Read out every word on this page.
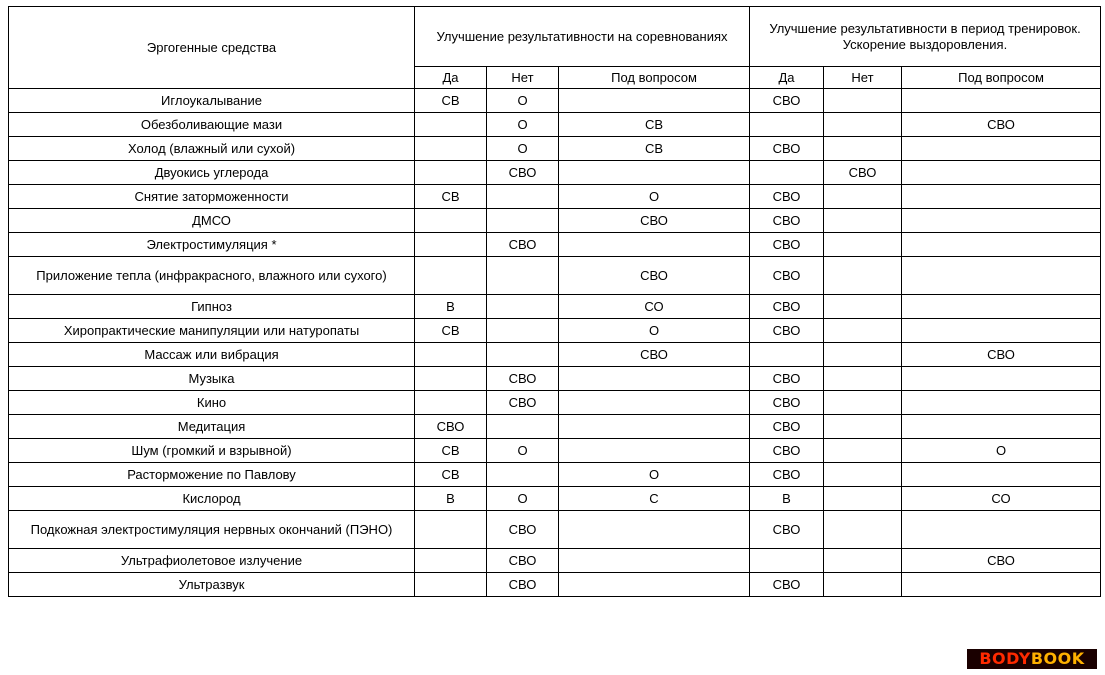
Эргогенные средства	Улучшение результативности на соревнованиях			Улучшение результативности в период тренировок. Ускорение выздоровления.		
	Да	Нет	Под вопросом	Да	Нет	Под вопросом
Иглоукалывание	СВ	О		СВО		
Обезболивающие мази		О	СВ			СВО
Холод (влажный или сухой)		О	СВ	СВО		
Двуокись углерода		СВО			СВО	
Снятие заторможенности	СВ		О	СВО		
ДМСО			СВО	СВО		
Электростимуляция *		СВО		СВО		
Приложение тепла (инфракрасного, влажного или сухого)			СВО	СВО		
Гипноз	В		СО	СВО		
Хиропрактические манипуляции или натуропаты	СВ		О	СВО		
Массаж или вибрация			СВО			СВО
Музыка		СВО		СВО		
Кино		СВО		СВО		
Медитация	СВО			СВО		
Шум (громкий и взрывной)	СВ	О		СВО		О
Расторможение по Павлову	СВ		О	СВО		
Кислород	В	О	С	В		СО
Подкожная электростимуляция нервных окончаний (ПЭНО)		СВО		СВО		
Ультрафиолетовое излучение		СВО				СВО
Ультразвук		СВО		СВО		
BODYBOOK
